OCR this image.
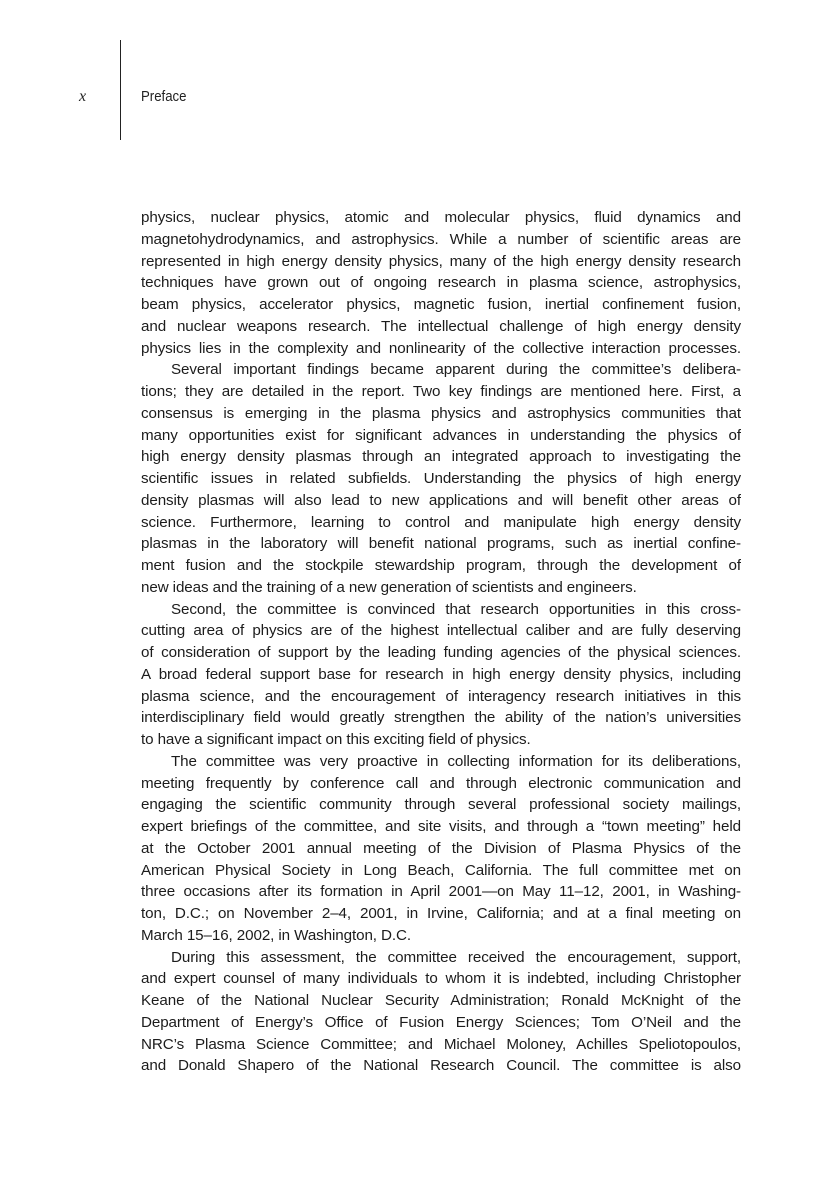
x	Preface
physics, nuclear physics, atomic and molecular physics, fluid dynamics and
magnetohydrodynamics, and astrophysics. While a number of scientific areas are
represented in high energy density physics, many of the high energy density research
techniques have grown out of ongoing research in plasma science, astrophysics,
beam physics, accelerator physics, magnetic fusion, inertial confinement fusion,
and nuclear weapons research. The intellectual challenge of high energy density
physics lies in the complexity and nonlinearity of the collective interaction processes.
Several important findings became apparent during the committee’s delibera-
tions; they are detailed in the report. Two key findings are mentioned here. First, a
consensus is emerging in the plasma physics and astrophysics communities that
many opportunities exist for significant advances in understanding the physics of
high energy density plasmas through an integrated approach to investigating the
scientific issues in related subfields. Understanding the physics of high energy
density plasmas will also lead to new applications and will benefit other areas of
science. Furthermore, learning to control and manipulate high energy density
plasmas in the laboratory will benefit national programs, such as inertial confine-
ment fusion and the stockpile stewardship program, through the development of
new ideas and the training of a new generation of scientists and engineers.
Second, the committee is convinced that research opportunities in this cross-
cutting area of physics are of the highest intellectual caliber and are fully deserving
of consideration of support by the leading funding agencies of the physical sciences.
A broad federal support base for research in high energy density physics, including
plasma science, and the encouragement of interagency research initiatives in this
interdisciplinary field would greatly strengthen the ability of the nation’s universities
to have a significant impact on this exciting field of physics.
The committee was very proactive in collecting information for its deliberations,
meeting frequently by conference call and through electronic communication and
engaging the scientific community through several professional society mailings,
expert briefings of the committee, and site visits, and through a “town meeting” held
at the October 2001 annual meeting of the Division of Plasma Physics of the
American Physical Society in Long Beach, California. The full committee met on
three occasions after its formation in April 2001—on May 11–12, 2001, in Washing-
ton, D.C.; on November 2–4, 2001, in Irvine, California; and at a final meeting on
March 15–16, 2002, in Washington, D.C.
During this assessment, the committee received the encouragement, support,
and expert counsel of many individuals to whom it is indebted, including Christopher
Keane of the National Nuclear Security Administration; Ronald McKnight of the
Department of Energy’s Office of Fusion Energy Sciences; Tom O’Neil and the
NRC’s Plasma Science Committee; and Michael Moloney, Achilles Speliotopoulos,
and Donald Shapero of the National Research Council. The committee is also
